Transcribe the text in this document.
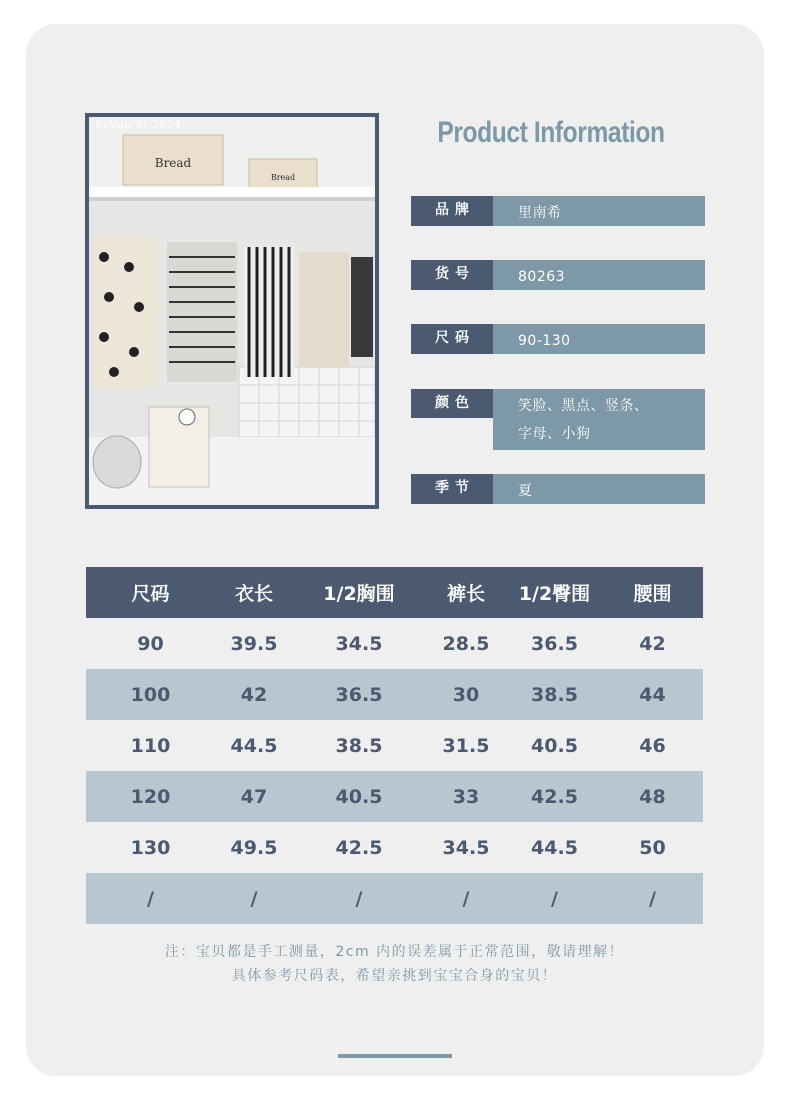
Bread
Bread
LiNan'Xi 2024	Product Information
品牌	里南希
货号	80263
尺码	90-130
颜色	笑脸、黑点、竖条、
字母、小狗
季节	夏
尺码	衣长	1/2胸围	裤长	1/2臀围	腰围
90	39.5	34.5	28.5	36.5	42
100	42	36.5	30	38.5	44
110	44.5	38.5	31.5	40.5	46
120	47	40.5	33	42.5	48
130	49.5	42.5	34.5	44.5	50
/	/	/	/	/	/
注：宝贝都是手工测量，2cm 内的误差属于正常范围，敬请理解！
具体参考尺码表，希望亲挑到宝宝合身的宝贝！
